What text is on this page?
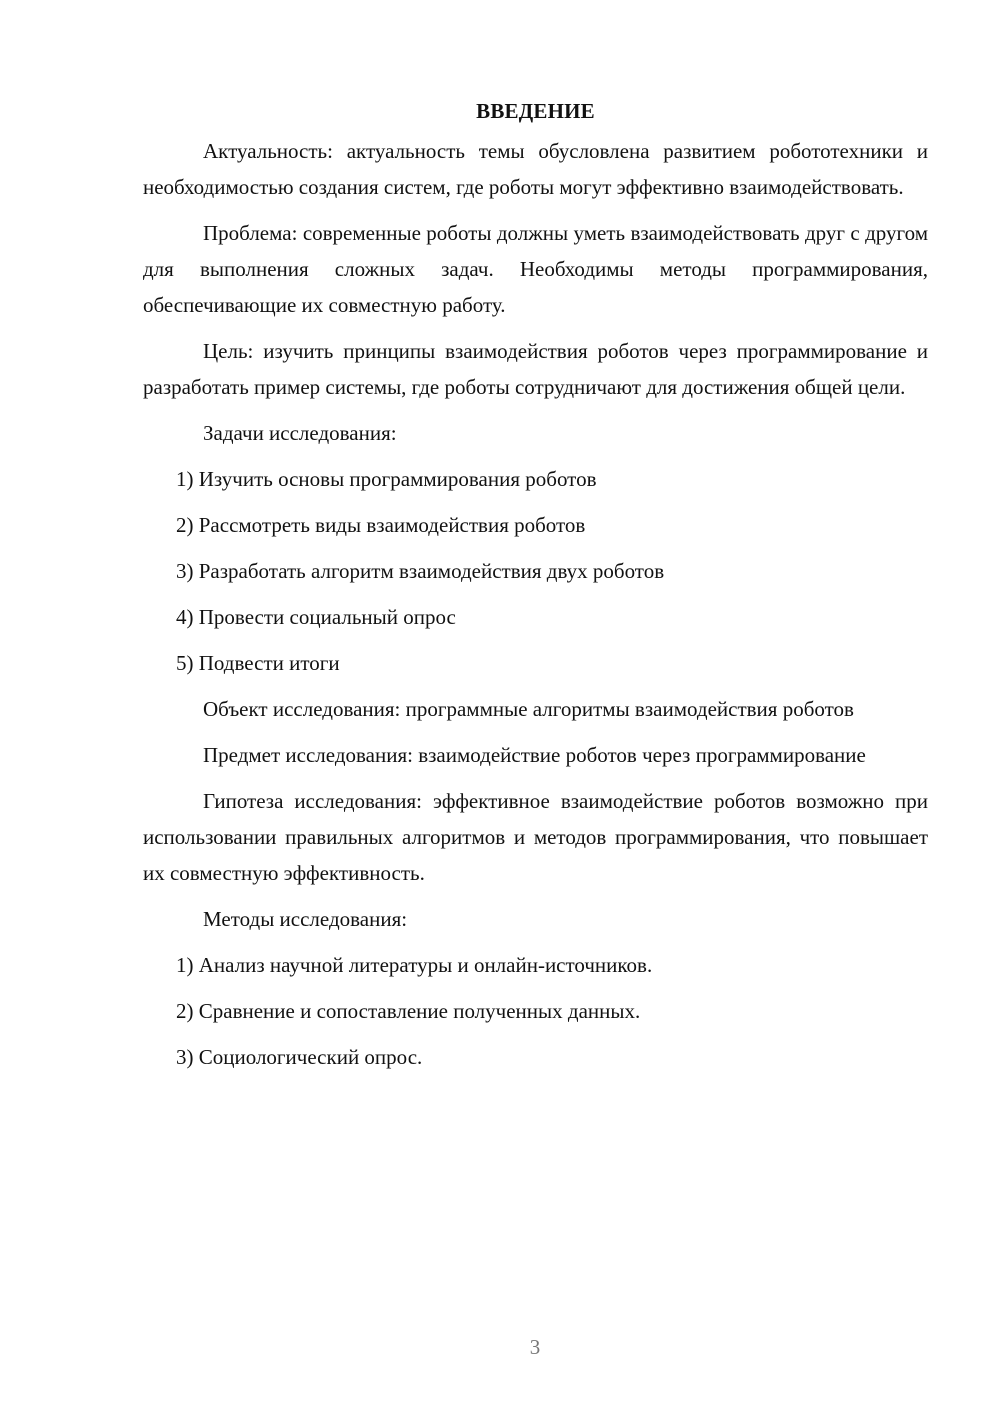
ВВЕДЕНИЕ

Актуальность: актуальность темы обусловлена развитием робототехники и необходимостью создания систем, где роботы могут эффективно взаимодействовать.

Проблема: современные роботы должны уметь взаимодействовать друг с другом для выполнения сложных задач. Необходимы методы программирования, обеспечивающие их совместную работу.

Цель: изучить принципы взаимодействия роботов через программирование и разработать пример системы, где роботы сотрудничают для достижения общей цели.

Задачи исследования:
1) Изучить основы программирования роботов
2) Рассмотреть виды взаимодействия роботов
3) Разработать алгоритм взаимодействия двух роботов
4) Провести социальный опрос
5) Подвести итоги

Объект исследования: программные алгоритмы взаимодействия роботов

Предмет исследования: взаимодействие роботов через программирование

Гипотеза исследования: эффективное взаимодействие роботов возможно при использовании правильных алгоритмов и методов программирования, что повышает их совместную эффективность.

Методы исследования:
1) Анализ научной литературы и онлайн-источников.
2) Сравнение и сопоставление полученных данных.
3) Социологический опрос.
3
